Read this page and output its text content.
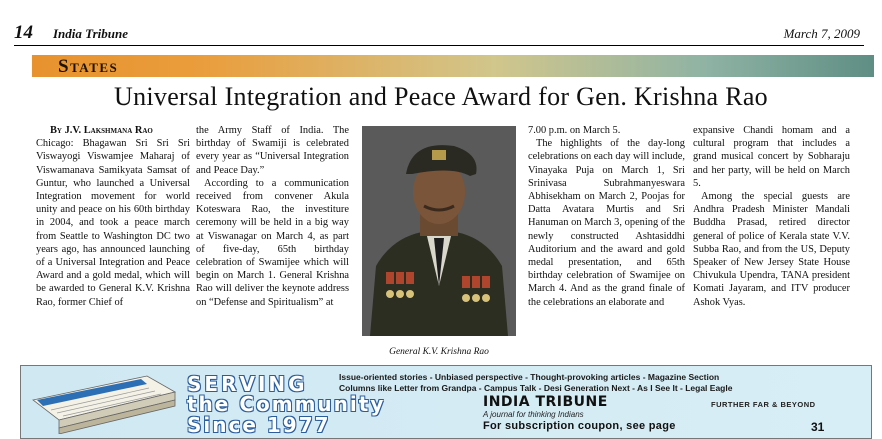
14 India Tribune	March 7, 2009
States
Universal Integration and Peace Award for Gen. Krishna Rao
By J.V. Lakshmana Rao

Chicago: Bhagawan Sri Sri Sri Viswayogi Viswamjee Maharaj of Viswamanava Samikyata Samsat of Guntur, who launched a Universal Integration movement for world unity and peace on his 60th birthday in 2004, and took a peace march from Seattle to Washington DC two years ago, has announced launching of a Universal Integration and Peace Award and a gold medal, which will be awarded to General K.V. Krishna Rao, former Chief of

the Army Staff of India. The birthday of Swamiji is celebrated every year as “Universal Integration and Peace Day.”

According to a communication received from convener Akula Koteswara Rao, the investiture ceremony will be held in a big way at Viswanagar on March 4, as part of five-day, 65th birthday celebration of Swamijee which will begin on March 1. General Krishna Rao will deliver the keynote address on “Defense and Spiritualism” at

General K.V. Krishna Rao

7.00 p.m. on March 5.

The highlights of the day-long celebrations on each day will include, Vinayaka Puja on March 1, Sri Srinivasa Subrahmanyeswara Abhisekham on March 2, Poojas for Datta Avatara Murtis and Sri Hanuman on March 3, opening of the newly constructed Ashtasiddhi Auditorium and the award and gold medal presentation, and 65th birthday celebration of Swamijee on March 4. And as the grand finale of the celebrations an elaborate and

expansive Chandi homam and a cultural program that includes a grand musical concert by Sobharaju and her party, will be held on March 5.

Among the special guests are Andhra Pradesh Minister Mandali Buddha Prasad, retired director general of police of Kerala state V.V. Subba Rao, and from the US, Deputy Speaker of New Jersey State House Chivukula Upendra, TANA president Komati Jayaram, and ITV producer Ashok Vyas.

SERVING
the Community
Since 1977
Issue-oriented stories - Unbiased perspective - Thought-provoking articles - Magazine Section
Columns like Letter from Grandpa - Campus Talk - Desi Generation Next - As I See It - Legal Eagle
INDIA TRIBUNE	FURTHER FAR & BEYOND
A journal for thinking Indians
For subscription coupon, see page	31
